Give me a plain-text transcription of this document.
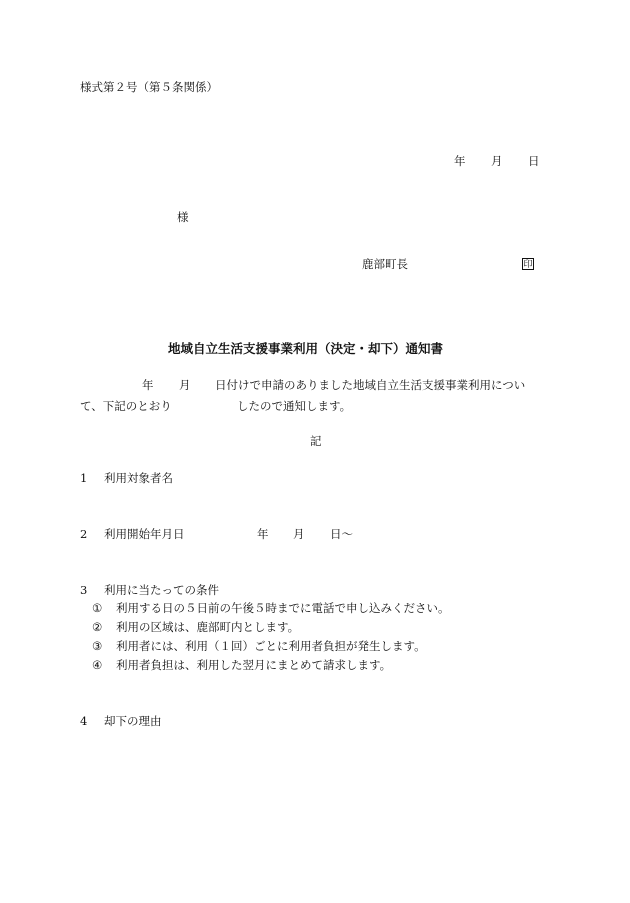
様式第２号（第５条関係）
年 月 日
様
鹿部町長	印
地域自立生活支援事業利用（決定・却下）通知書
年 月 日付けで申請のありました地域自立生活支援事業利用につい
て、下記のとおり	したので通知します。
記
1 利用対象者名
2 利用開始年月日	年 月 日〜
3 利用に当たっての条件
① 利用する日の５日前の午後５時までに電話で申し込みください。
② 利用の区域は、鹿部町内とします。
③ 利用者には、利用（１回）ごとに利用者負担が発生します。
④ 利用者負担は、利用した翌月にまとめて請求します。
4 却下の理由
